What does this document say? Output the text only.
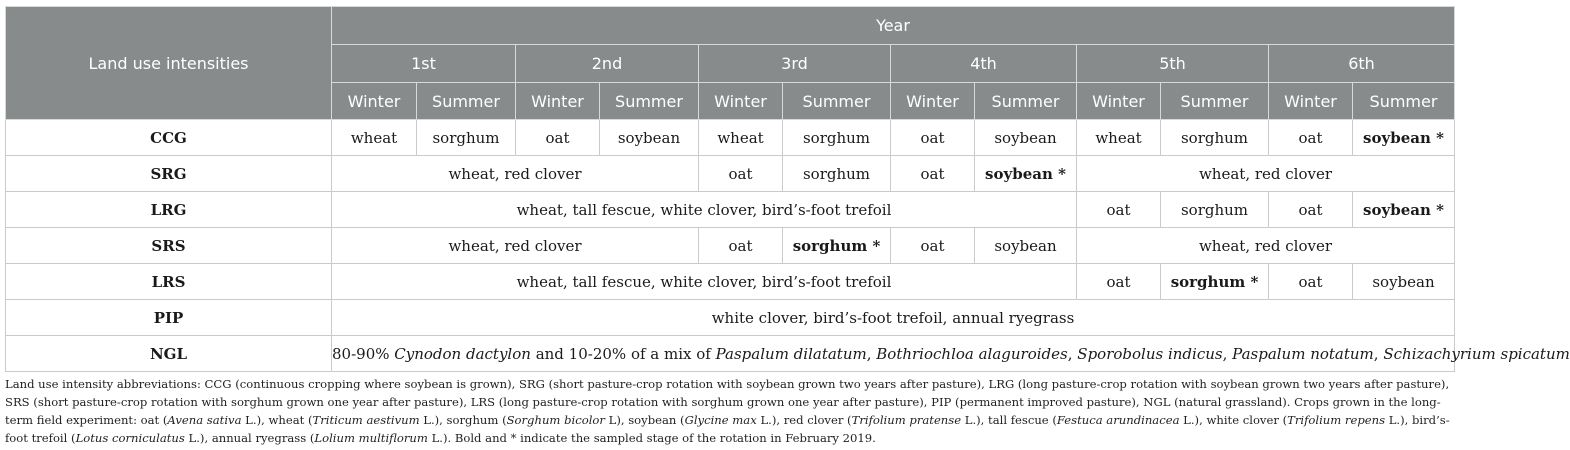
Land use intensities	Year											
	1st		2nd		3rd		4th		5th		6th	
	Winter	Summer	Winter	Summer	Winter	Summer	Winter	Summer	Winter	Summer	Winter	Summer
CCG	wheat	sorghum	oat	soybean	wheat	sorghum	oat	soybean	wheat	sorghum	oat	soybean *
SRG	wheat, red clover				oat	sorghum	oat	soybean *	wheat, red clover			
LRG	wheat, tall fescue, white clover, bird’s-foot trefoil								oat	sorghum	oat	soybean *
SRS	wheat, red clover				oat	sorghum *	oat	soybean	wheat, red clover			
LRS	wheat, tall fescue, white clover, bird’s-foot trefoil								oat	sorghum *	oat	soybean
PIP	white clover, bird’s-foot trefoil, annual ryegrass											
NGL	80-90% Cynodon dactylon and 10-20% of a mix of Paspalum dilatatum, Bothriochloa alaguroides, Sporobolus indicus, Paspalum notatum, Schizachyrium spicatum											
Land use intensity abbreviations: CCG (continuous cropping where soybean is grown), SRG (short pasture-crop rotation with soybean grown two years after pasture), LRG (long pasture-crop rotation with soybean grown two years after pasture), SRS (short pasture-crop rotation with sorghum grown one year after pasture), LRS (long pasture-crop rotation with sorghum grown one year after pasture), PIP (permanent improved pasture), NGL (natural grassland). Crops grown in the long-term field experiment: oat (Avena sativa L.), wheat (Triticum aestivum L.), sorghum (Sorghum bicolor L), soybean (Glycine max L.), red clover (Trifolium pratense L.), tall fescue (Festuca arundinacea L.), white clover (Trifolium repens L.), bird’s-foot trefoil (Lotus corniculatus L.), annual ryegrass (Lolium multiflorum L.). Bold and * indicate the sampled stage of the rotation in February 2019.
